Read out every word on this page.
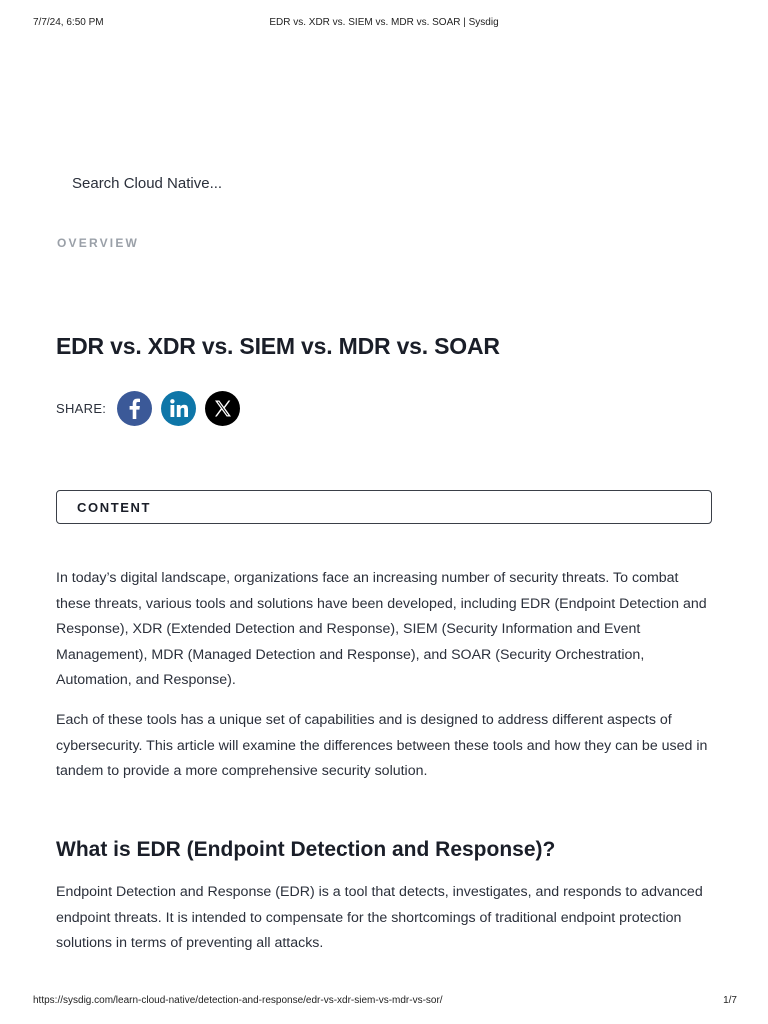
7/7/24, 6:50 PM	EDR vs. XDR vs. SIEM vs. MDR vs. SOAR | Sysdig
Search Cloud Native...
OVERVIEW
EDR vs. XDR vs. SIEM vs. MDR vs. SOAR
SHARE:
CONTENT

In today’s digital landscape, organizations face an increasing number of security threats. To combat these threats, various tools and solutions have been developed, including EDR (Endpoint Detection and Response), XDR (Extended Detection and Response), SIEM (Security Information and Event Management), MDR (Managed Detection and Response), and SOAR (Security Orchestration, Automation, and Response).

Each of these tools has a unique set of capabilities and is designed to address different aspects of cybersecurity. This article will examine the differences between these tools and how they can be used in tandem to provide a more comprehensive security solution.

What is EDR (Endpoint Detection and Response)?

Endpoint Detection and Response (EDR) is a tool that detects, investigates, and responds to advanced endpoint threats. It is intended to compensate for the shortcomings of traditional endpoint protection solutions in terms of preventing all attacks.

https://sysdig.com/learn-cloud-native/detection-and-response/edr-vs-xdr-siem-vs-mdr-vs-sor/	1/7
